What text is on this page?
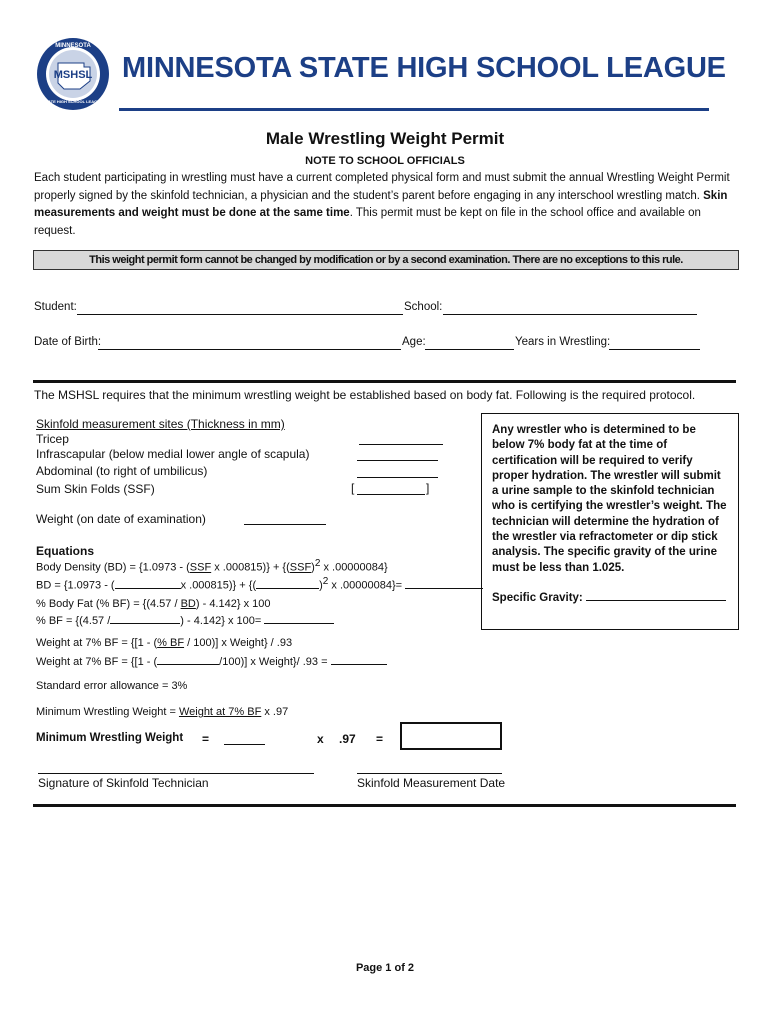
MINNESOTA
MSHSL
STATE HIGH SCHOOL LEAGUE
MINNESOTA STATE HIGH SCHOOL LEAGUE
Male Wrestling Weight Permit
NOTE TO SCHOOL OFFICIALS
Each student participating in wrestling must have a current completed physical form and must submit the annual Wrestling Weight Permit properly signed by the skinfold technician, a physician and the student’s parent before engaging in any interschool wrestling match. Skin measurements and weight must be done at the same time. This permit must be kept on file in the school office and available on request.
This weight permit form cannot be changed by modification or by a second examination. There are no exceptions to this rule.
Student:	School:
Date of Birth:	Age:	Years in Wrestling:
The MSHSL requires that the minimum wrestling weight be established based on body fat. Following is the required protocol.
Skinfold measurement sites (Thickness in mm)
Tricep
Infrascapular (below medial lower angle of scapula)
Abdominal (to right of umbilicus)
Sum Skin Folds (SSF)	[	]
Weight (on date of examination)
Equations
Body Density (BD) = {1.0973 - (SSF x .000815)} + {(SSF)$^2$ x .00000084}
BD = {1.0973 - (	x .000815)} + {(	)$^2$ x .00000084}=
% Body Fat (% BF) = {(4.57 / BD) - 4.142} x 100
% BF = {(4.57 /	) - 4.142} x 100=
Weight at 7% BF = {[1 - (% BF / 100)] x Weight} / .93
Weight at 7% BF = {[1 - (	/100)] x Weight}/ .93 =
Standard error allowance = 3%
Minimum Wrestling Weight = Weight at 7% BF x .97
Minimum Wrestling Weight =	x .97 =
Any wrestler who is determined to be below 7% body fat at the time of certification will be required to verify proper hydration. The wrestler will submit a urine sample to the skinfold technician who is certifying the wrestler’s weight. The technician will determine the hydration of the wrestler via refractometer or dip stick analysis. The specific gravity of the urine must be less than 1.025.
Specific Gravity:
Signature of Skinfold Technician	Skinfold Measurement Date
Page 1 of 2
